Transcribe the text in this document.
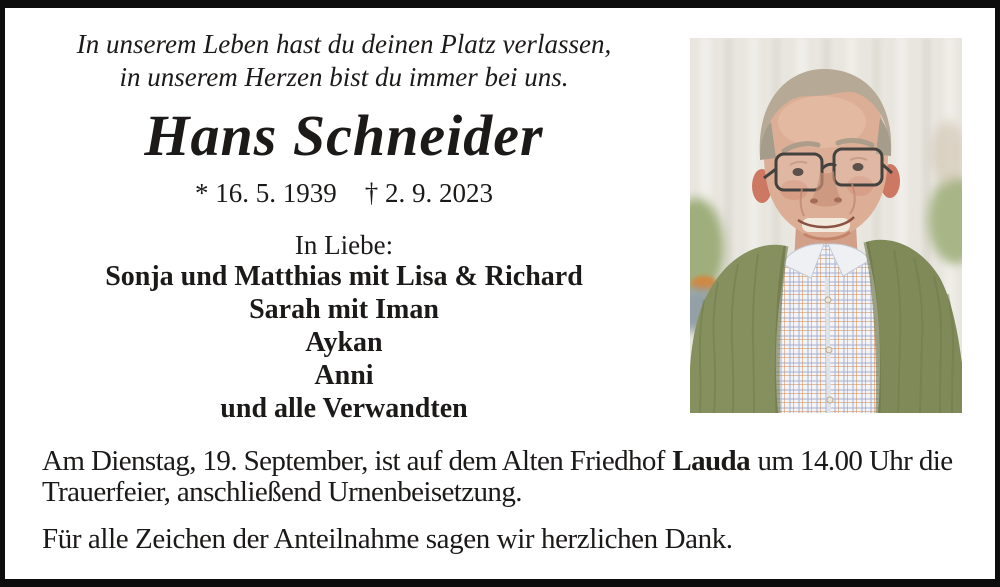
In unserem Leben hast du deinen Platz verlassen,
in unserem Herzen bist du immer bei uns.
Hans Schneider
* 16. 5. 1939 † 2. 9. 2023
In Liebe:
Sonja und Matthias mit Lisa & Richard
Sarah mit Iman
Aykan
Anni
und alle Verwandten

Am Dienstag, 19. September, ist auf dem Alten Friedhof Lauda um 14.00 Uhr die Trauerfeier, anschließend Urnenbeisetzung.

Für alle Zeichen der Anteilnahme sagen wir herzlichen Dank.
